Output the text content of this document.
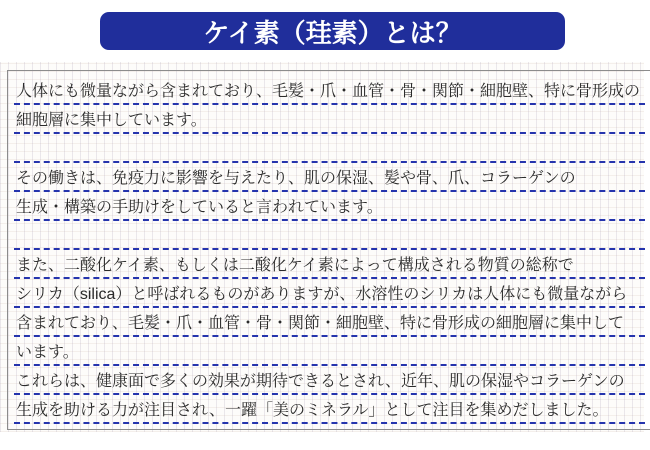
ケイ素（珪素）とは？
人体にも微量ながら含まれており、毛髪・爪・血管・骨・関節・細胞壁、特に骨形成の
細胞層に集中しています。
その働きは、免疫力に影響を与えたり、肌の保湿、髪や骨、爪、コラーゲンの
生成・構築の手助けをしていると言われています。
また、二酸化ケイ素、もしくは二酸化ケイ素によって構成される物質の総称で
シリカ（silica）と呼ばれるものがありますが、水溶性のシリカは人体にも微量ながら
含まれており、毛髪・爪・血管・骨・関節・細胞壁、特に骨形成の細胞層に集中して
います。
これらは、健康面で多くの効果が期待できるとされ、近年、肌の保湿やコラーゲンの
生成を助ける力が注目され、一躍「美のミネラル」として注目を集めだしました。
